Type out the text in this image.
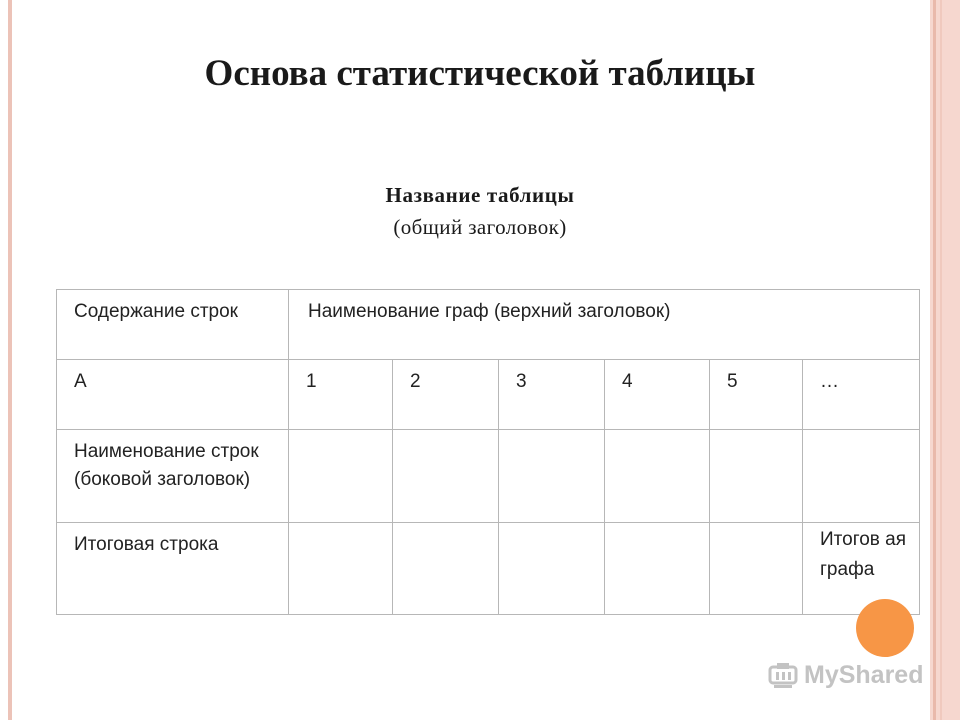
Основа статистической таблицы
Название таблицы
(общий заголовок)
Содержание строк	Наименование граф (верхний заголовок)					
А	1	2	3	4	5	…
Наименование строк (боковой заголовок)						
Итоговая строка						Итогов ая графа
MyShared
